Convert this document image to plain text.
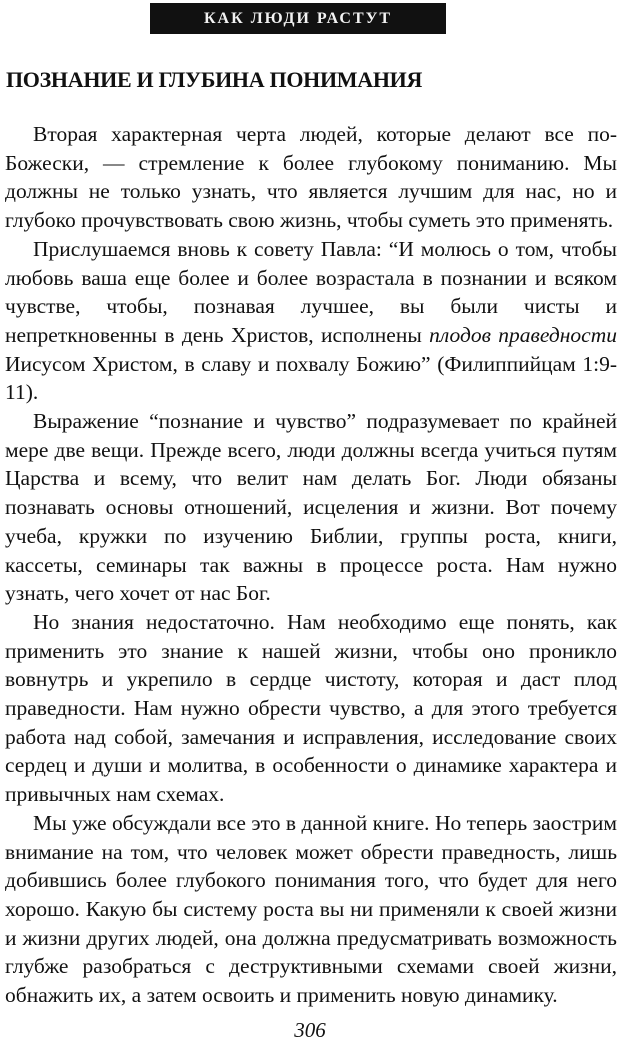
КАК ЛЮДИ РАСТУТ
ПОЗНАНИЕ И ГЛУБИНА ПОНИМАНИЯ

Вторая характерная черта людей, которые делают все по-Божески, — стремление к более глубокому пониманию. Мы должны не только узнать, что является лучшим для нас, но и глубоко прочувствовать свою жизнь, чтобы суметь это применять.

Прислушаемся вновь к совету Павла: “И молюсь о том, чтобы любовь ваша еще более и более возрастала в познании и всяком чувстве, чтобы, познавая лучшее, вы были чисты и непреткновенны в день Христов, исполнены плодов праведности Иисусом Христом, в славу и похвалу Божию” (Филиппийцам 1:9-11).

Выражение “познание и чувство” подразумевает по крайней мере две вещи. Прежде всего, люди должны всегда учиться путям Царства и всему, что велит нам делать Бог. Люди обязаны познавать основы отношений, исцеления и жизни. Вот почему учеба, кружки по изучению Библии, группы роста, книги, кассеты, семинары так важны в процессе роста. Нам нужно узнать, чего хочет от нас Бог.

Но знания недостаточно. Нам необходимо еще понять, как применить это знание к нашей жизни, чтобы оно проникло вовнутрь и укрепило в сердце чистоту, которая и даст плод праведности. Нам нужно обрести чувство, а для этого требуется работа над собой, замечания и исправления, исследование своих сердец и души и молитва, в особенности о динамике характера и привычных нам схемах.

Мы уже обсуждали все это в данной книге. Но теперь заострим внимание на том, что человек может обрести праведность, лишь добившись более глубокого понимания того, что будет для него хорошо. Какую бы систему роста вы ни применяли к своей жизни и жизни других людей, она должна предусматривать возможность глубже разобраться с деструктивными схемами своей жизни, обнажить их, а затем освоить и применить новую динамику.

306
